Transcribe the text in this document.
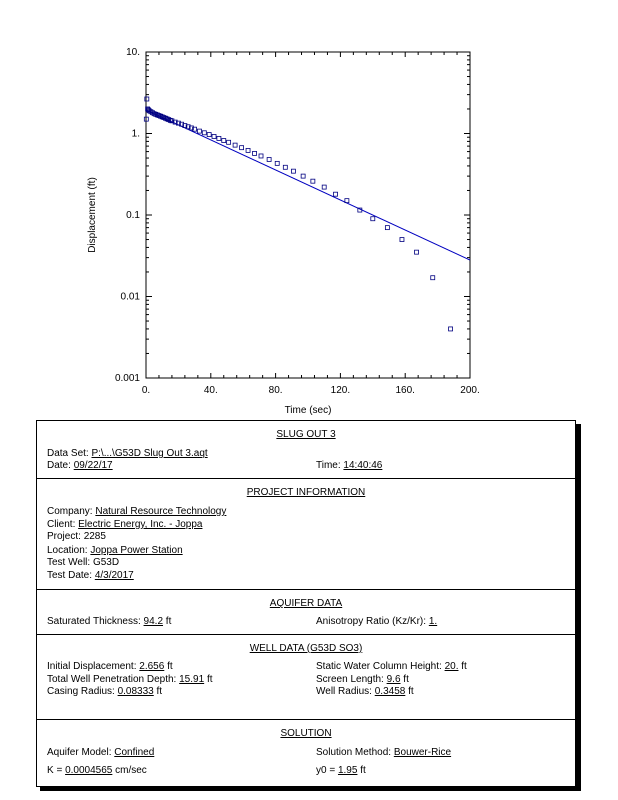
0.	40.	80.	120.	160.	200.
0.001
0.01
0.1
1.
10.
Time (sec)
Displacement (ft)
SLUG OUT 3
Data Set: P:\...\G53D Slug Out 3.aqt
Date: 09/22/17	Time: 14:40:46
PROJECT INFORMATION
Company: Natural Resource Technology
Client: Electric Energy, Inc. - Joppa
Project: 2285
Location: Joppa Power Station
Test Well: G53D
Test Date: 4/3/2017
AQUIFER DATA
Saturated Thickness: 94.2 ft	Anisotropy Ratio (Kz/Kr): 1.
WELL DATA (G53D SO3)
Initial Displacement: 2.656 ft	Static Water Column Height: 20. ft
Total Well Penetration Depth: 15.91 ft	Screen Length: 9.6 ft
Casing Radius: 0.08333 ft	Well Radius: 0.3458 ft
SOLUTION
Aquifer Model: Confined	Solution Method: Bouwer-Rice
K = 0.0004565 cm/sec	y0 = 1.95 ft
